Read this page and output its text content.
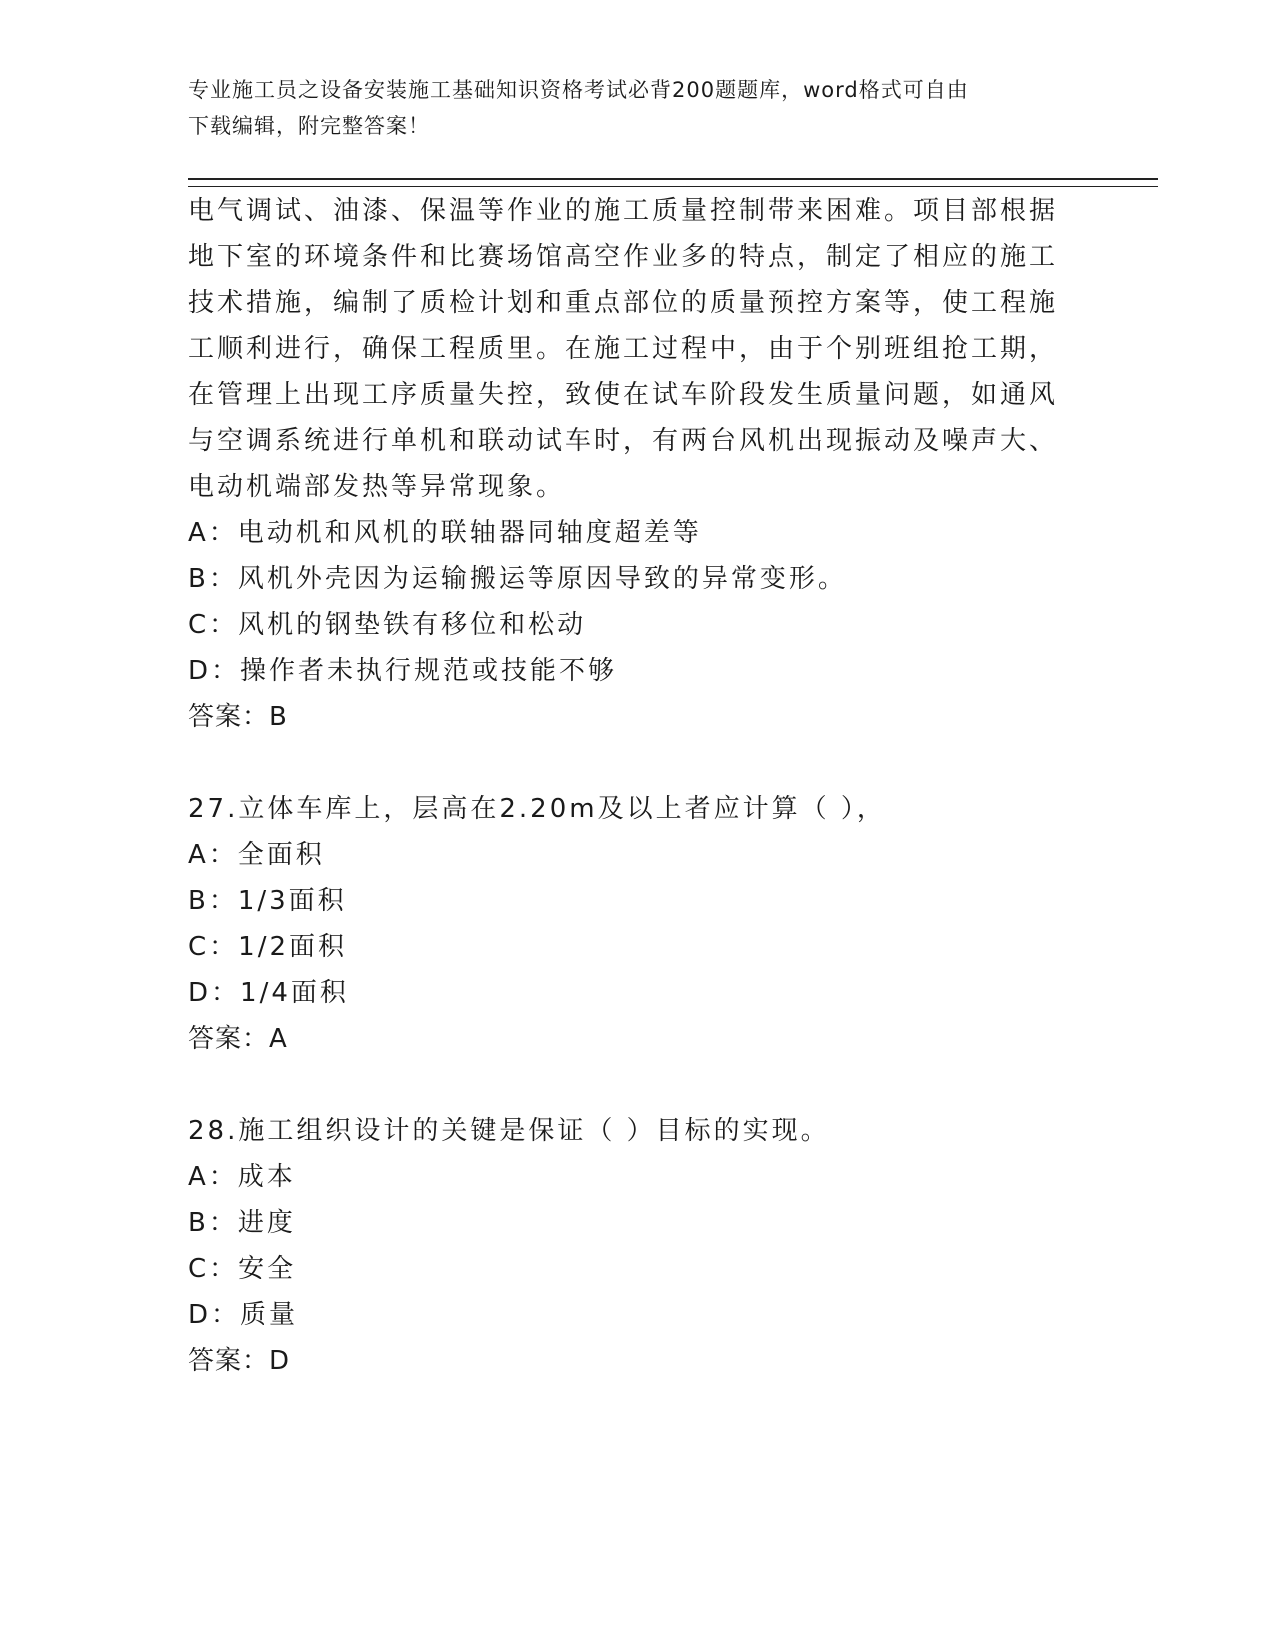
专业施工员之设备安装施工基础知识资格考试必背200题题库，word格式可自由
下载编辑，附完整答案！
电气调试、油漆、保温等作业的施工质量控制带来困难。项目部根据
地下室的环境条件和比赛场馆高空作业多的特点，制定了相应的施工
技术措施，编制了质检计划和重点部位的质量预控方案等，使工程施
工顺利进行，确保工程质里。在施工过程中，由于个别班组抢工期，
在管理上出现工序质量失控，致使在试车阶段发生质量问题，如通风
与空调系统进行单机和联动试车时，有两台风机出现振动及噪声大、
电动机端部发热等异常现象。
A：电动机和风机的联轴器同轴度超差等
B：风机外壳因为运输搬运等原因导致的异常变形。
C：风机的钢垫铁有移位和松动
D：操作者未执行规范或技能不够
答案：B
27.立体车库上，层高在2.20m及以上者应计算（ ），
A：全面积
B：1/3面积
C：1/2面积
D：1/4面积
答案：A
28.施工组织设计的关键是保证（ ）目标的实现。
A：成本
B：进度
C：安全
D：质量
答案：D
